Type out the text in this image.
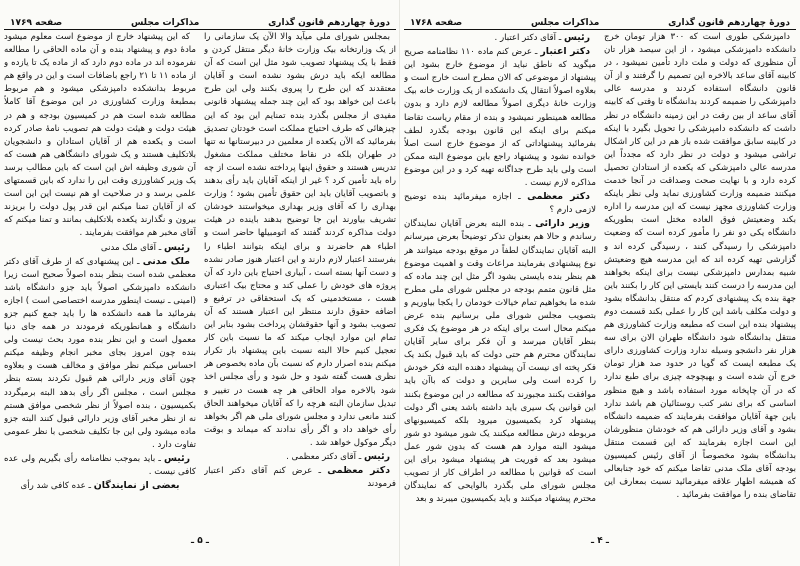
دورهٔ چهاردهم قانون گذاری
مذاکرات مجلس
صفحه ۱۷۶۹

بمجلس شورای ملی میآید والا الآن یک سازمانی را از یک وزارتخانه بیک وزارت خانهٔ دیگر منتقل کردن و فقط با یک پیشنهاد تصویب شود مثل این است که آن مطالعه ایکه باید درش بشود نشده است و آقایان معتقدند که این طرح را پیروی بکنند ولی این طرح باعث این خواهد بود که این چند جمله پیشنهاد قانونی مفیدی از مجلس بگذرد بنده تمنایم این بود که این چیزهائی که طرف احتیاج مملکت است خودتان تصدیق بفرمائید که الآن یکعده از معلمین در دبیرستانها نه تنها در طهران بلکه در نقاط مختلف مملکت مشغول تدریس هستند و حقوق اینها پرداخته نشده است از چه راه باید تأمین کرد ؟ غیر از اینکه آقایان باید رأی بدهند و باتصویب آقایان باید این حقوق تأمین بشود ؛ وزارت بهداری را که آقای وزیر بهداری میخواستند خودشان تشریف بیاورند این جا توضیح بدهند باینده در هیئت دولت مذاکره کردند گفتند که اتومبیلها حاضر است و اطباء هم حاضرند و برای اینکه بتوانند اطباء را بفرستند اعتبار لازم دارند و این اعتبار هنوز صادر نشده و دست آنها بسته است ، آبیاری احتیاج باین دارد که آن پروژه های خودش را عملی کند و محتاج بیک اعتباری هست ، مستخدمینی که یک استحقاقی در ترفیع و اضافه حقوق دارند منتظر این اعتبار هستند که آن تصویب بشود و آنها حقوقشان پرداخت بشود بنابر این تمام این موارد ایجاب میکند که ما نسبت باین کار تعجیل کنیم حالا البته نسبت باین پیشنهاد باز تکرار میکنم بنده اصرار دارم که نسبت بآن ماده بخصوص هر نظری هست گفته شود و حل شود و رأی مجلس اخذ شود بالاخره مواد الحاقی هر چه هست در تغییر و تبدیل سازمان البته هرچه را که آقایان میخواهند الحاق کنند مانعی ندارد و مجلس شورای ملی هم اگر بخواهد رأی خواهد داد و اگر رأی ندادند که میماند و بوقت دیگر موکول خواهد شد .

رئیس ـ آقای دکتر معظمی .

دکتر معظمی ـ عرض کنم آقای دکتر اعتبار فرمودند

که این پیشنهاد خارج از موضوع است معلوم میشود مادهٔ دوم و پیشنهاد بنده و آن ماده الحاقی را مطالعه نفرموده اند در ماده دوم دارد که از ماده یک تا یازده و از ماده ۱۱ تا ۲۱ راجع باضافات است و این در واقع هم مربوط بدانشکده دامپزشکی میشود و هم مربوط بمطبعهٔ وزارت کشاورزی در این موضوع آقا کاملاً مطالعه شده است هم در کمیسیون بودجه و هم در هیئت دولت و هیئت دولت هم تصویب نامهٔ صادر کرده است و یکعده هم از آقایان استادان و دانشجویان بلاتکلیف هستند و یک شورای دانشگاهی هم هست که آن شوری وظیفه اش این است که باین مطالب برسد یک وزیر کشاورزی وقت این را ندارد که باین قسمتهای علمی برسد و در صلاحیت او هم نیست این این است که از آقایان تمنا میکنم این قدر پول دولت را بریزند بیرون و نگذارند یکعده بلاتکلیف بمانند و تمنا میکنم که آقای مخبر هم موافقت بفرمایند .

رئیس ـ آقای ملک مدنی

ملک مدنی ـ این پیشنهادی که از طرف آقای دکتر معظمی شده است بنظر بنده اصولاً صحیح است زیرا دانشکده دامپزشکی اصولاً باید جزو دانشگاه باشد (امینی ـ نیست اینطور مدرسه اختصاصی است ) اجازه بفرمائید ما همه دانشکده ها را باید جمع کنیم جزو دانشگاه و همانطوریکه فرمودند در همه جای دنیا معمول است و این نظر بنده مورد بحث نیست ولی بنده چون امروز بجای مخبر انجام وظیفه میکنم احساس میکنم نظر موافق و مخالف هست و بعلاوه چون آقای وزیر دارائی هم قبول نکردند بسته بنظر مجلس است ، مجلس اگر رأی بدهد البته برمیگردد بکمیسیون ، بنده اصولاً از نظر شخصی موافق هستم نه از نظر مخبر آقای وزیر دارائی قبول کنند البته جزو ماده میشود ولی این جا تکلیف شخصی با نظر عمومی تفاوت دارد .

رئیس ـ باید بموجب نظامنامه رأی بگیریم ولی عده کافی نیست .

بعضی از نمایندگان ـ عده کافی شد رأی

ـ ۵ ـ
دورهٔ چهاردهم قانون گذاری
مذاکرات مجلس
صفحه ۱۷۶۸

دامپزشکی طوری است که ۳۰۰ هزار تومان خرج دانشکده دامپزشکی میشود ، از این سیصد هزار تان آن منظوری که دولت و ملت دارد تأمین نمیشود ، در کابینه آقای ساعد بالاخره این تصمیم را گرفتند و از آن قانون دانشگاه استفاده کردند و مدرسه عالی دامپزشکی را ضمیمه کردند بدانشگاه تا وقتی که کابینه آقای ساعد از بین رفت در این زمینه دانشگاه در نظر داشت که دانشکده دامپزشکی را تحویل بگیرد با اینکه در کابینه سابق موافقت شده باز هم در این کار اشکال تراشی میشود و دولت در نظر دارد که مجدداً این مدرسه عالی دامپزشکی که یکعده از استادان تحصیل کرده دارد و با نهایت صحت وصداقت در آنجا خدمت میکنند ضمیمه وزارت کشاورزی نماید ولی نظر باینکه وزارت کشاورزی مجهز نیست که این مدرسه را اداره بکند وضعیتش فوق العاده مختل است بطوریکه دانشگاه یکی دو نفر را مأمور کرده است که وضعیت دامپزشکی را رسیدگی کنند ، رسیدگی کرده اند و گزارشی تهیه کرده اند که این مدرسه هیچ وضعیتش شبیه بمدارس دامپزشکی نیست برای اینکه بخواهند این مدرسه را درست کنند بایستی این کار را بکنند باین جهة بنده یک پیشنهادی کردم که منتقل بدانشگاه بشود و دولت مکلف باشد این کار را عملی بکند قسمت دوم پیشنهاد بنده این است که مطبعه وزارت کشاورزی هم منتقل بدانشگاه شود دانشگاه طهران الان برای سه هزار نفر دانشجو وسیله ندارد وزارت کشاورزی دارای یک مطبعه ایست که گویا در حدود صد هزار تومان خرج آن شده است و بهیچوجه چیزی برای طبع ندارد که در آن چاپخانه مورد استفاده باشد و هیچ منظور اساسی که برای نشر کتب روستائیان هم باشد ندارد باین جهة آقایان موافقت بفرمایند که ضمیمه دانشگاه بشود و آقای وزیر دارائی هم که خودشان منظورشان این است اجازه بفرمایند که این قسمت منتقل بدانشگاه بشود مخصوصاً از آقای رئیس کمیسیون بودجه آقای ملک مدنی تقاضا میکنم که خود جنابعالی که همیشه اظهار علاقه میفرمائید نسبت بمعارف این تقاضای بنده را موافقت بفرمائید .

رئیس ـ آقای دکتر اعتبار .

دکتر اعتبار ـ عرض کنم ماده ۱۱۰ نظامنامه صریح میگوید که ناطق نباید از موضوع خارج بشود این پیشنهاد از موضوعی که الان مطرح است خارج است و بعلاوه اصولاً انتقال یک دانشکده از یک وزارت خانه بیک وزارت خانهٔ دیگری اصولاً مطالعه لازم دارد و بدون مطالعه همینطور نمیشود و بنده از مقام ریاست تقاضا میکنم برای اینکه این قانون بودجه بگذرد لطف بفرمائید پیشنهاداتی که از موضوع خارج است اصلاً خوانده نشود و پیشنهاد راجع باین موضوع البته ممکن است ولی باید طرح جداگانه تهیه کرد و در این موضوع مذاکره لازم نیست .

دکتر معظمی ـ اجازه میفرمائید بنده توضیح لازمی دارم ؟

وزیر دارائی ـ بنده البته بعرض آقایان نمایندگان رساندم و حالا هم بعنوان تذکر توضیحاً بعرض میرسانم البته آقایان نمایندگان لطفاً در موقع بودجه میتوانند هر نوع پیشنهادی بفرمایند مراعات وقت و اهمیت موضوع هم بنظر بنده بایستی بشود اگر مثل این چند ماده که مثل قانون متمم بودجه در مجلس شورای ملی مطرح شده ما بخواهیم تمام خیالات خودمان را یکجا بیاوریم و بتصویب مجلس شورای ملی برسانیم بنده عرض میکنم محال است برای اینکه در هر موضوع یک فکری بنظر آقایان میرسد و آن فکر برای سایر آقایان نمایندگان محترم هم حتی دولت که باید قبول بکند یک فکر پخته ای نیست آن پیشنهاد دهنده البته فکر خودش را کرده است ولی سایرین و دولت که باآن باید موافقت بکنند مجبورند که مطالعه در این موضوع بکنند این قوانین یک سیری باید داشته باشد یعنی اگر دولت پیشنهاد کرد بکمیسیون میرود بلکه کمیسیونهای مربوطه درش مطالعه میکنند یک شور میشود دو شور میشود البته موارد هم هست که بدون شور عمل میشود بعد که فوریت هر پیشنهاد میشود برای این است که قوانین با مطالعه در اطراف کار از تصویب مجلس شورای ملی بگذرد بالوایحی که نمایندگان محترم پیشنهاد میکنند و باید بکمیسیون میبرند و بعد

ـ ۴ ـ
